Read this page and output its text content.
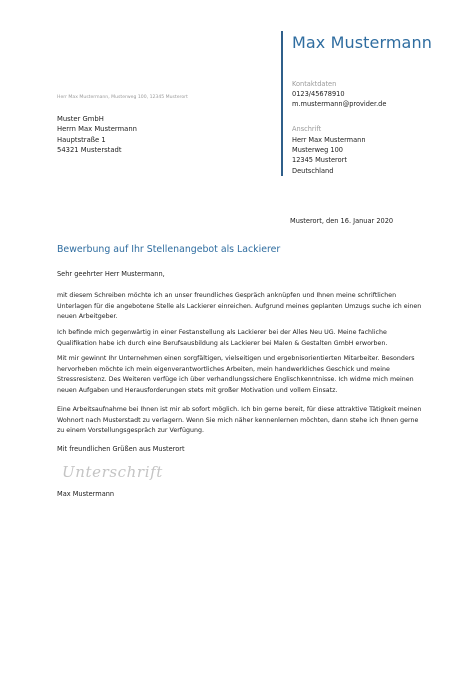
Max Mustermann
Kontaktdaten
0123/45678910
m.mustermann@provider.de
Anschrift
Herr Max Mustermann
Musterweg 100
12345 Musterort
Deutschland
Herr Max Mustermann, Musterweg 100, 12345 Musterort
Muster GmbH
Herrn Max Mustermann
Hauptstraße 1
54321 Musterstadt
Musterort, den 16. Januar 2020
Bewerbung auf Ihr Stellenangebot als Lackierer
Sehr geehrter Herr Mustermann,
mit diesem Schreiben möchte ich an unser freundliches Gespräch anknüpfen und Ihnen meine schriftlichen Unterlagen für die angebotene Stelle als Lackierer einreichen. Aufgrund meines geplanten Umzugs suche ich einen neuen Arbeitgeber.
Ich befinde mich gegenwärtig in einer Festanstellung als Lackierer bei der Alles Neu UG. Meine fachliche Qualifikation habe ich durch eine Berufsausbildung als Lackierer bei Malen & Gestalten GmbH erworben.
Mit mir gewinnt Ihr Unternehmen einen sorgfältigen, vielseitigen und ergebnisorientierten Mitarbeiter. Besonders hervorheben möchte ich mein eigenverantwortliches Arbeiten, mein handwerkliches Geschick und meine Stressresistenz. Des Weiteren verfüge ich über verhandlungssichere Englischkenntnisse. Ich widme mich meinen neuen Aufgaben und Herausforderungen stets mit großer Motivation und vollem Einsatz.
Eine Arbeitsaufnahme bei Ihnen ist mir ab sofort möglich. Ich bin gerne bereit, für diese attraktive Tätigkeit meinen Wohnort nach Musterstadt zu verlagern. Wenn Sie mich näher kennenlernen möchten, dann stehe ich Ihnen gerne zu einem Vorstellungsgespräch zur Verfügung.
Mit freundlichen Grüßen aus Musterort
Unterschrift
Max Mustermann
